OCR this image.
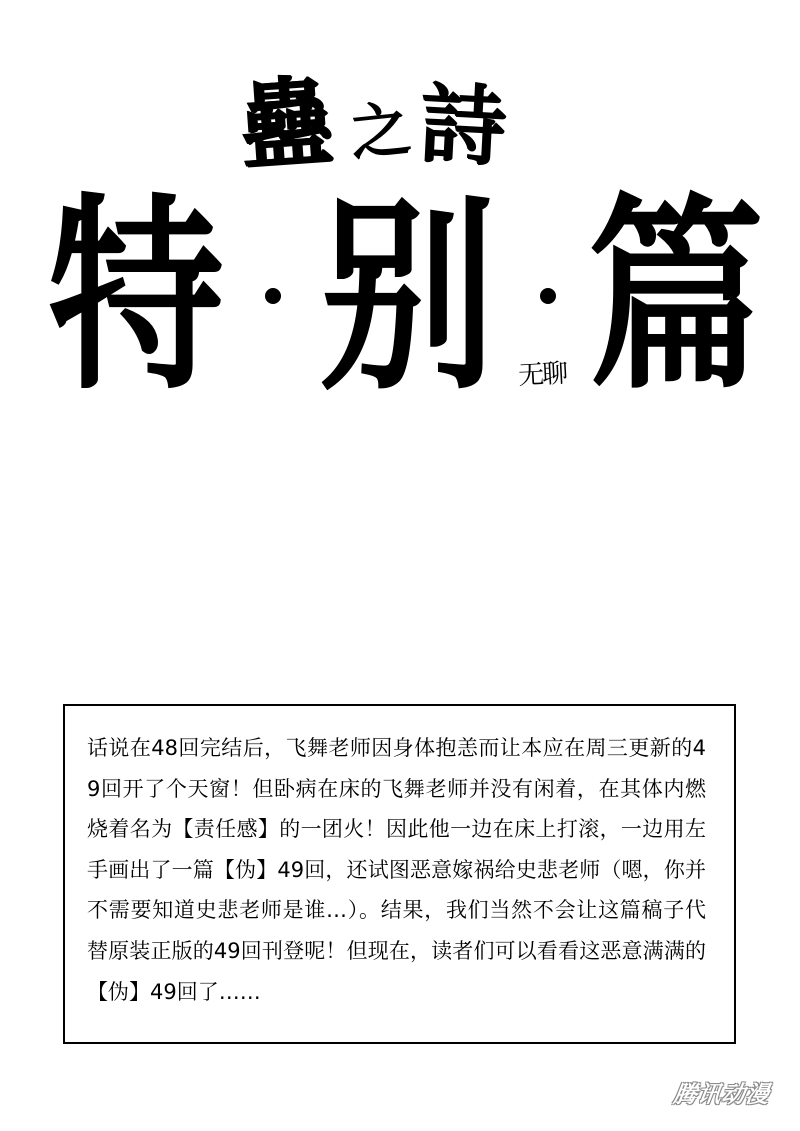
蠱 之 詩
特 别 无聊 篇

话说在48回完结后，飞舞老师因身体抱恙而让本应在周三更新的49回开了个天窗！但卧病在床的飞舞老师并没有闲着，在其体内燃烧着名为【责任感】的一团火！因此他一边在床上打滚，一边用左手画出了一篇【伪】49回，还试图恶意嫁祸给史悲老师（嗯，你并不需要知道史悲老师是谁…）。结果，我们当然不会让这篇稿子代替原装正版的49回刊登呢！但现在，读者们可以看看这恶意满满的【伪】49回了……

腾讯动漫
